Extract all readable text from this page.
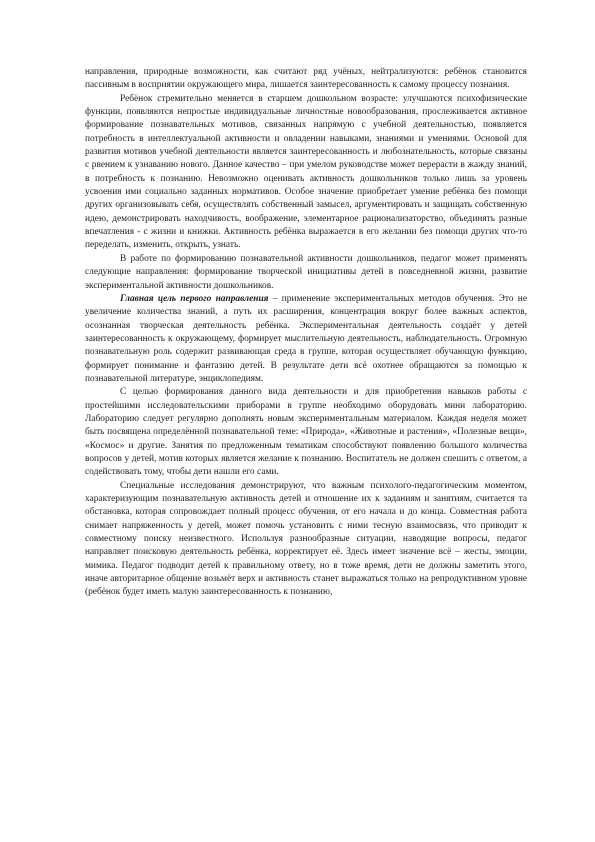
направления, природные возможности, как считают ряд учёных, нейтрализуются: ребёнок становится пассивным в восприятии окружающего мира, лишается заинтересованность к самому процессу познания.

Ребёнок стремительно меняется в старшем дошкольном возрасте: улучшаются психофизические функции, появляются непростые индивидуальные личностные новообразования, прослеживается активное формирование познавательных мотивов, связанных напрямую с учебной деятельностью, появляется потребность в интеллектуальной активности и овладении навыками, знаниями и умениями. Основой для развития мотивов учебной деятельности является заинтересованность и любознательность, которые связаны с рвением к узнаванию нового. Данное качество – при умелом руководстве может перерасти в жажду знаний, в потребность к познанию. Невозможно оценивать активность дошкольников только лишь за уровень усвоения ими социально заданных нормативов. Особое значение приобретает умение ребёнка без помощи других организовывать себя, осуществлять собственный замысел, аргументировать и защищать собственную идею, демонстрировать находчивость, воображение, элементарное рационализаторство, объединять разные впечатления - с жизни и книжки. Активность ребёнка выражается в его желании без помощи других что-то переделать, изменить, открыть, узнать.

В работе по формированию познавательной активности дошкольников, педагог может применять следующие направления: формирование творческой инициативы детей в повседневной жизни, развитие экспериментальной активности дошкольников.

Главная цель первого направления – применение экспериментальных методов обучения. Это не увеличение количества знаний, а путь их расширения, концентрация вокруг более важных аспектов, осознанная творческая деятельность ребёнка. Экспериментальная деятельность создаёт у детей заинтересованность к окружающему, формирует мыслительную деятельность, наблюдательность. Огромную познавательную роль содержит развивающая среда в группе, которая осуществляет обучающую функцию, формирует понимание и фантазию детей. В результате дети всё охотнее обращаются за помощью к познавательной литературе, энциклопедиям.

С целью формирования данного вида деятельности и для приобретения навыков работы с простейшими исследовательскими приборами в группе необходимо оборудовать мини лабораторию. Лабораторию следует регулярно дополнять новым экспериментальным материалом. Каждая неделя может быть посвящена определённой познавательной теме: «Природа», «Животные и растения», «Полезные вещи», «Космос» и другие. Занятия по предложенным тематикам способствуют появлению большого количества вопросов у детей, мотив которых является желание к познанию. Воспитатель не должен спешить с ответом, а содействовать тому, чтобы дети нашли его сами.

Специальные исследования демонстрируют, что важным психолого-педагогическим моментом, характеризующим познавательную активность детей и отношение их к заданиям и занятиям, считается та обстановка, которая сопровождает полный процесс обучения, от его начала и до конца. Совместная работа снимает напряженность у детей, может помочь установить с ними тесную взаимосвязь, что приводит к совместному поиску неизвестного. Используя разнообразные ситуации, наводящие вопросы, педагог направляет поисковую деятельность ребёнка, корректирует её. Здесь имеет значение всё – жесты, эмоции, мимика. Педагог подводит детей к правильному ответу, но в тоже время, дети не должны заметить этого, иначе авторитарное общение возьмёт верх и активность станет выражаться только на репродуктивном уровне (ребёнок будет иметь малую заинтересованность к познанию,
